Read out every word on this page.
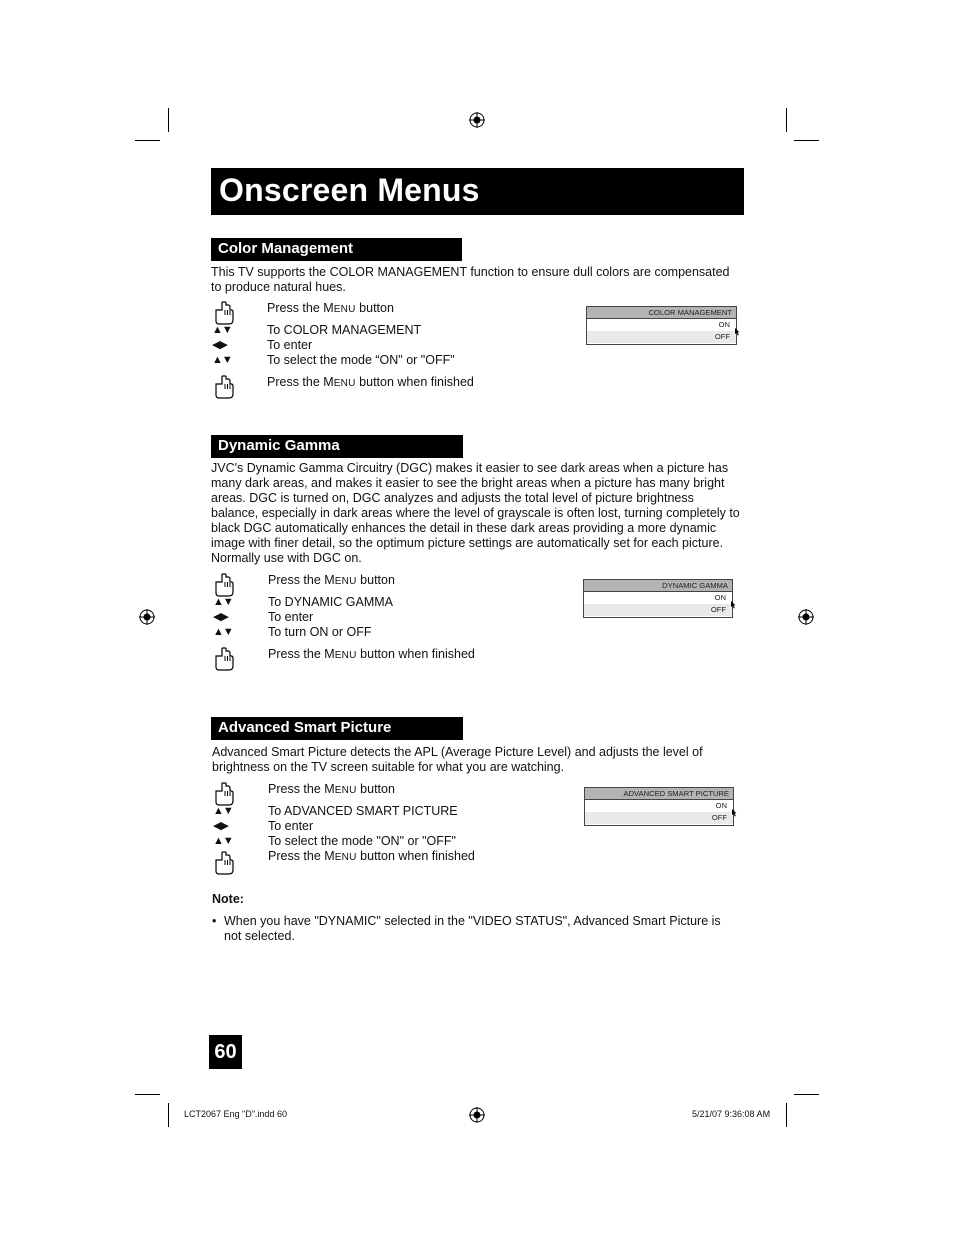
Onscreen Menus
Color Management
This TV supports the COLOR MANAGEMENT function to ensure dull colors are compensated to produce natural hues.
Press the MENU button
▲▼	To COLOR MANAGEMENT
◀▶	To enter
▲▼	To select the mode “ON" or "OFF"
Press the MENU button when finished
COLOR MANAGEMENT
ON
OFF
Dynamic Gamma
JVC's Dynamic Gamma Circuitry (DGC) makes it easier to see dark areas when a picture has many dark areas, and makes it easier to see the bright areas when a picture has many bright areas. DGC is turned on, DGC analyzes and adjusts the total level of picture brightness balance, especially in dark areas where the level of grayscale is often lost, turning completely to black DGC automatically enhances the detail in these dark areas providing a more dynamic image with finer detail, so the optimum picture settings are automatically set for each picture. Normally use with DGC on.
Press the MENU button
▲▼	To DYNAMIC GAMMA
◀▶	To enter
▲▼	To turn ON or OFF
Press the MENU button when finished
DYNAMIC GAMMA
ON
OFF
Advanced Smart Picture
Advanced Smart Picture detects the APL (Average Picture Level) and adjusts the level of brightness on the TV screen suitable for what you are watching.
Press the MENU button
▲▼	To ADVANCED SMART PICTURE
◀▶	To enter
▲▼	To select the mode "ON" or "OFF"
Press the MENU button when finished
ADVANCED SMART PICTURE
ON
OFF
Note:
• When you have "DYNAMIC" selected in the "VIDEO STATUS", Advanced Smart Picture is not selected.
60
LCT2067 Eng "D".indd 60	5/21/07 9:36:08 AM
